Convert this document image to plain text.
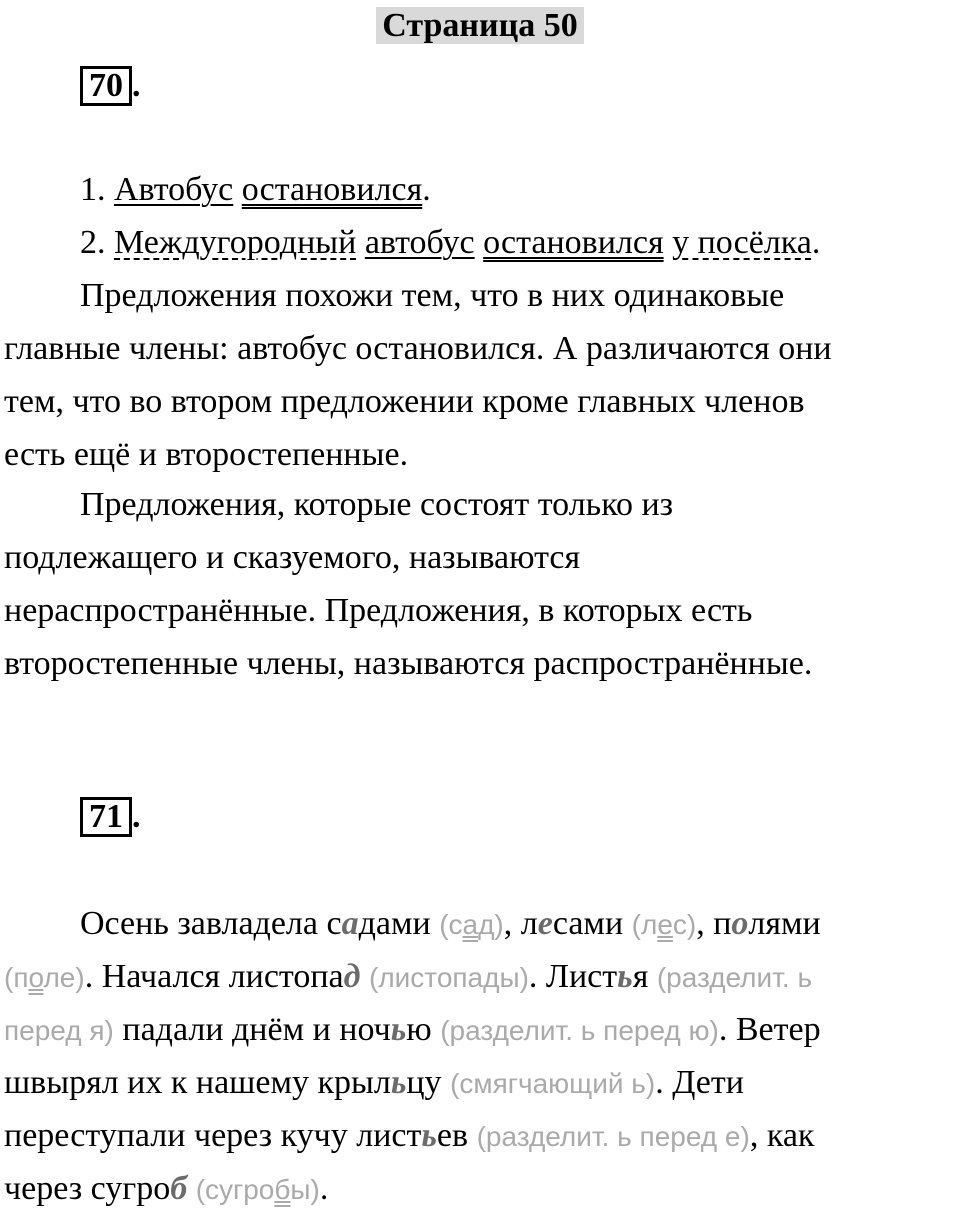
Страница 50
70 .
1. Автобус остановился.
2. Междугородный автобус остановился у посёлка.
Предложения похожи тем, что в них одинаковые
главные члены: автобус остановился. А различаются они
тем, что во втором предложении кроме главных членов
есть ещё и второстепенные.
Предложения, которые состоят только из
подлежащего и сказуемого, называются
нераспространённые. Предложения, в которых есть
второстепенные члены, называются распространённые.
71 .
Осень завладела садами (сад), лесами (лес), полями
(поле). Начался листопад (листопады). Листья (разделит. ь
перед я) падали днём и ночью (разделит. ь перед ю). Ветер
швырял их к нашему крыльцу (смягчающий ь). Дети
переступали через кучу листьев (разделит. ь перед е), как
через сугроб (сугробы).
